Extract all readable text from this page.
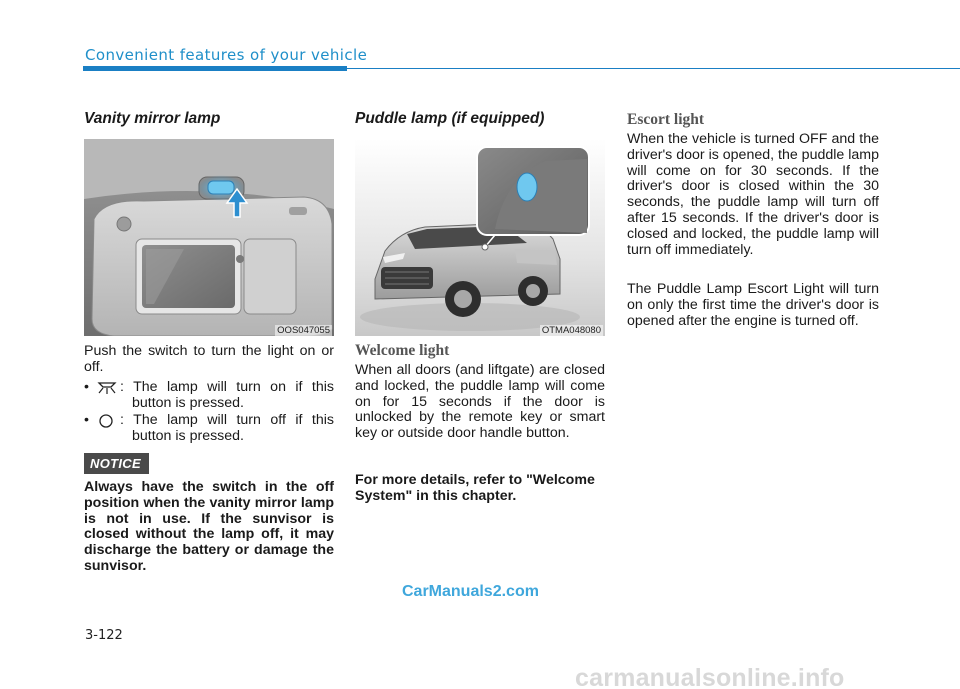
Convenient features of your vehicle
Vanity mirror lamp
OOS047055
Push the switch to turn the light on or off.
• : The lamp will turn on if this
button is pressed.
• : The lamp will turn off if this
button is pressed.
NOTICE
Always have the switch in the off position when the vanity mirror lamp is not in use. If the sunvisor is closed without the lamp off, it may discharge the battery or damage the sunvisor.
Puddle lamp (if equipped)
OTMA048080
Welcome light
When all doors (and liftgate) are closed and locked, the puddle lamp will come on for 15 seconds if the door is unlocked by the remote key or smart key or outside door handle button.
For more details, refer to "Welcome System" in this chapter.
Escort light
When the vehicle is turned OFF and the driver's door is opened, the puddle lamp will come on for 30 seconds. If the driver's door is closed within the 30 seconds, the puddle lamp will turn off after 15 seconds. If the driver's door is closed and locked, the puddle lamp will turn off immediately.
The Puddle Lamp Escort Light will turn on only the first time the driver's door is opened after the engine is turned off.
CarManuals2.com
3-122
carmanualsonline.info
